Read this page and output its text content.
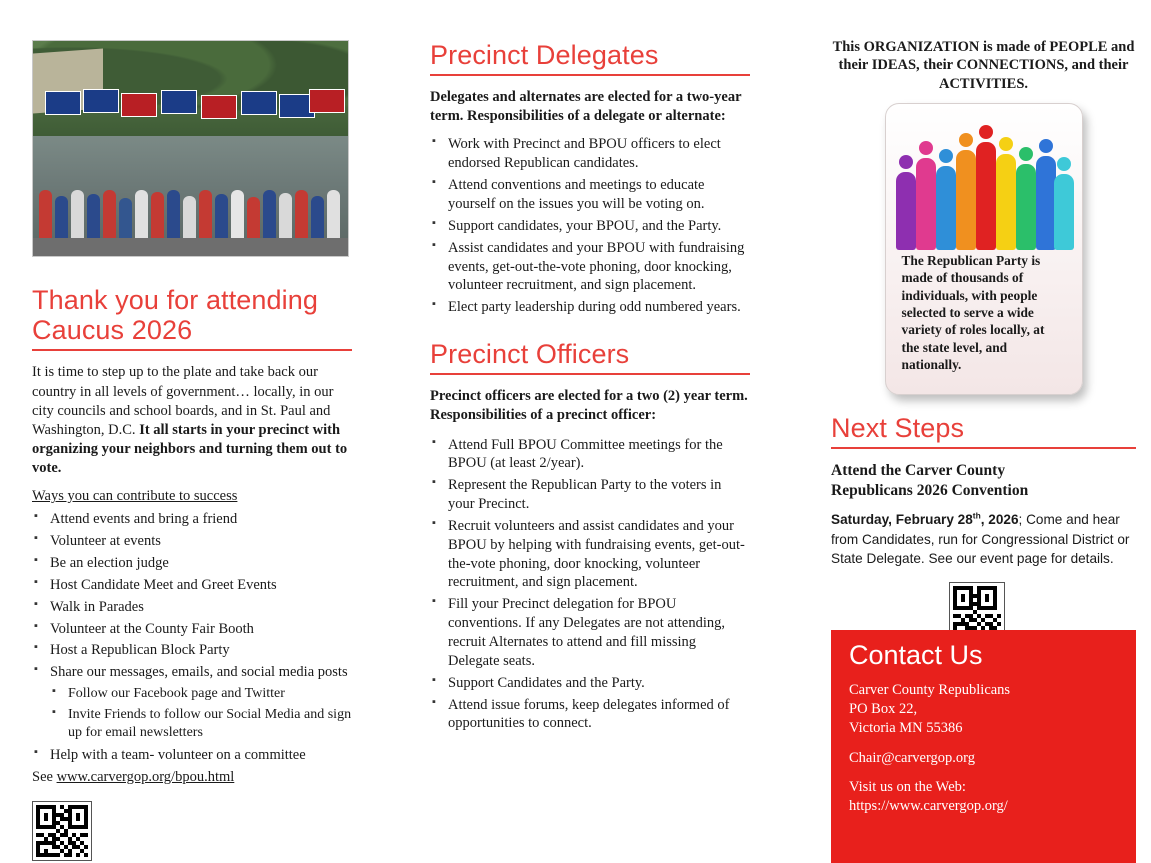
Thank you for attending
Caucus 2026

It is time to step up to the plate and take back our country in all levels of government… locally, in our city councils and school boards, and in St. Paul and Washington, D.C. It all starts in your precinct with organizing your neighbors and turning them out to vote.

Ways you can contribute to success
▪ Attend events and bring a friend
▪ Volunteer at events
▪ Be an election judge
▪ Host Candidate Meet and Greet Events
▪ Walk in Parades
▪ Volunteer at the County Fair Booth
▪ Host a Republican Block Party
▪ Share our messages, emails, and social media posts
▪ Follow our Facebook page and Twitter
▪ Invite Friends to follow our Social Media and sign up for email newsletters
▪ Help with a team- volunteer on a committee
See www.carvergop.org/bpou.html
Precinct Delegates

Delegates and alternates are elected for a two-year term. Responsibilities of a delegate or alternate:

▪ Work with Precinct and BPOU officers to elect endorsed Republican candidates.
▪ Attend conventions and meetings to educate yourself on the issues you will be voting on.
▪ Support candidates, your BPOU, and the Party.
▪ Assist candidates and your BPOU with fundraising events, get-out-the-vote phoning, door knocking, volunteer recruitment, and sign placement.
▪ Elect party leadership during odd numbered years.
Precinct Officers

Precinct officers are elected for a two (2) year term. Responsibilities of a precinct officer:

▪ Attend Full BPOU Committee meetings for the BPOU (at least 2/year).
▪ Represent the Republican Party to the voters in your Precinct.
▪ Recruit volunteers and assist candidates and your BPOU by helping with fundraising events, get-out-the-vote phoning, door knocking, volunteer recruitment, and sign placement.
▪ Fill your Precinct delegation for BPOU conventions. If any Delegates are not attending, recruit Alternates to attend and fill missing Delegate seats.
▪ Support Candidates and the Party.
▪ Attend issue forums, keep delegates informed of opportunities to connect.
This ORGANIZATION is made of PEOPLE and their IDEAS, their CONNECTIONS, and their ACTIVITIES.
The Republican Party is made of thousands of individuals, with people selected to serve a wide variety of roles locally, at the state level, and nationally.
Next Steps
Attend the Carver County
Republicans 2026 Convention

Saturday, February 28th, 2026; Come and hear from Candidates, run for Congressional District or State Delegate. See our event page for details.

Contact Us

Carver County Republicans
PO Box 22,
Victoria MN 55386

Chair@carvergop.org

Visit us on the Web:
https://www.carvergop.org/
